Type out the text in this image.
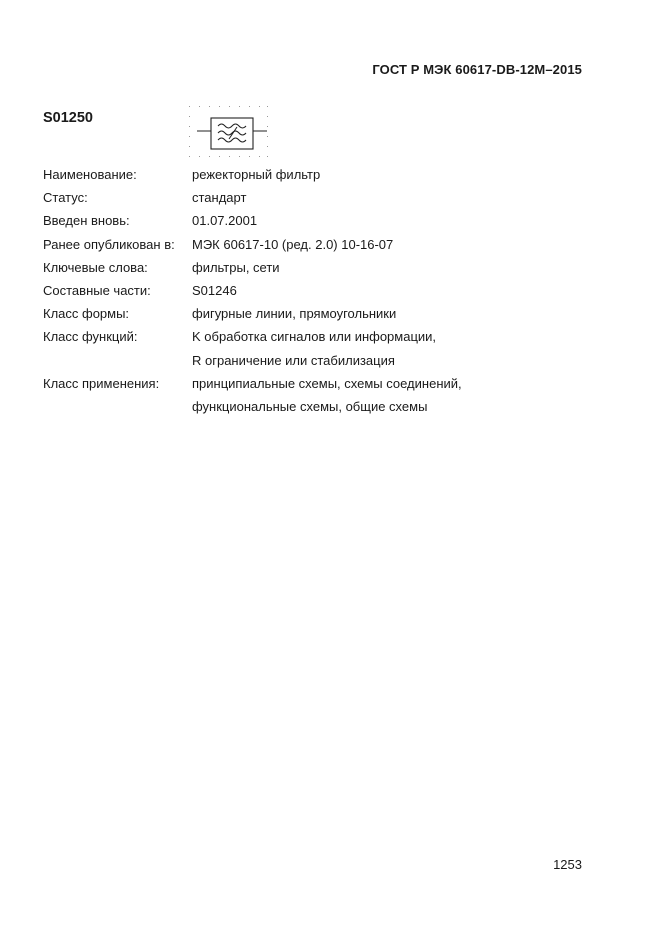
ГОСТ Р МЭК 60617-DB-12M–2015
S01250
Наименование:	режекторный фильтр
Статус:	стандарт
Введен вновь:	01.07.2001
Ранее опубликован в:	МЭК 60617-10 (ред. 2.0) 10-16-07
Ключевые слова:	фильтры, сети
Составные части:	S01246
Класс формы:	фигурные линии, прямоугольники
Класс функций:	K обработка сигналов или информации,
R ограничение или стабилизация
Класс применения:	принципиальные схемы, схемы соединений,
функциональные схемы, общие схемы
1253
